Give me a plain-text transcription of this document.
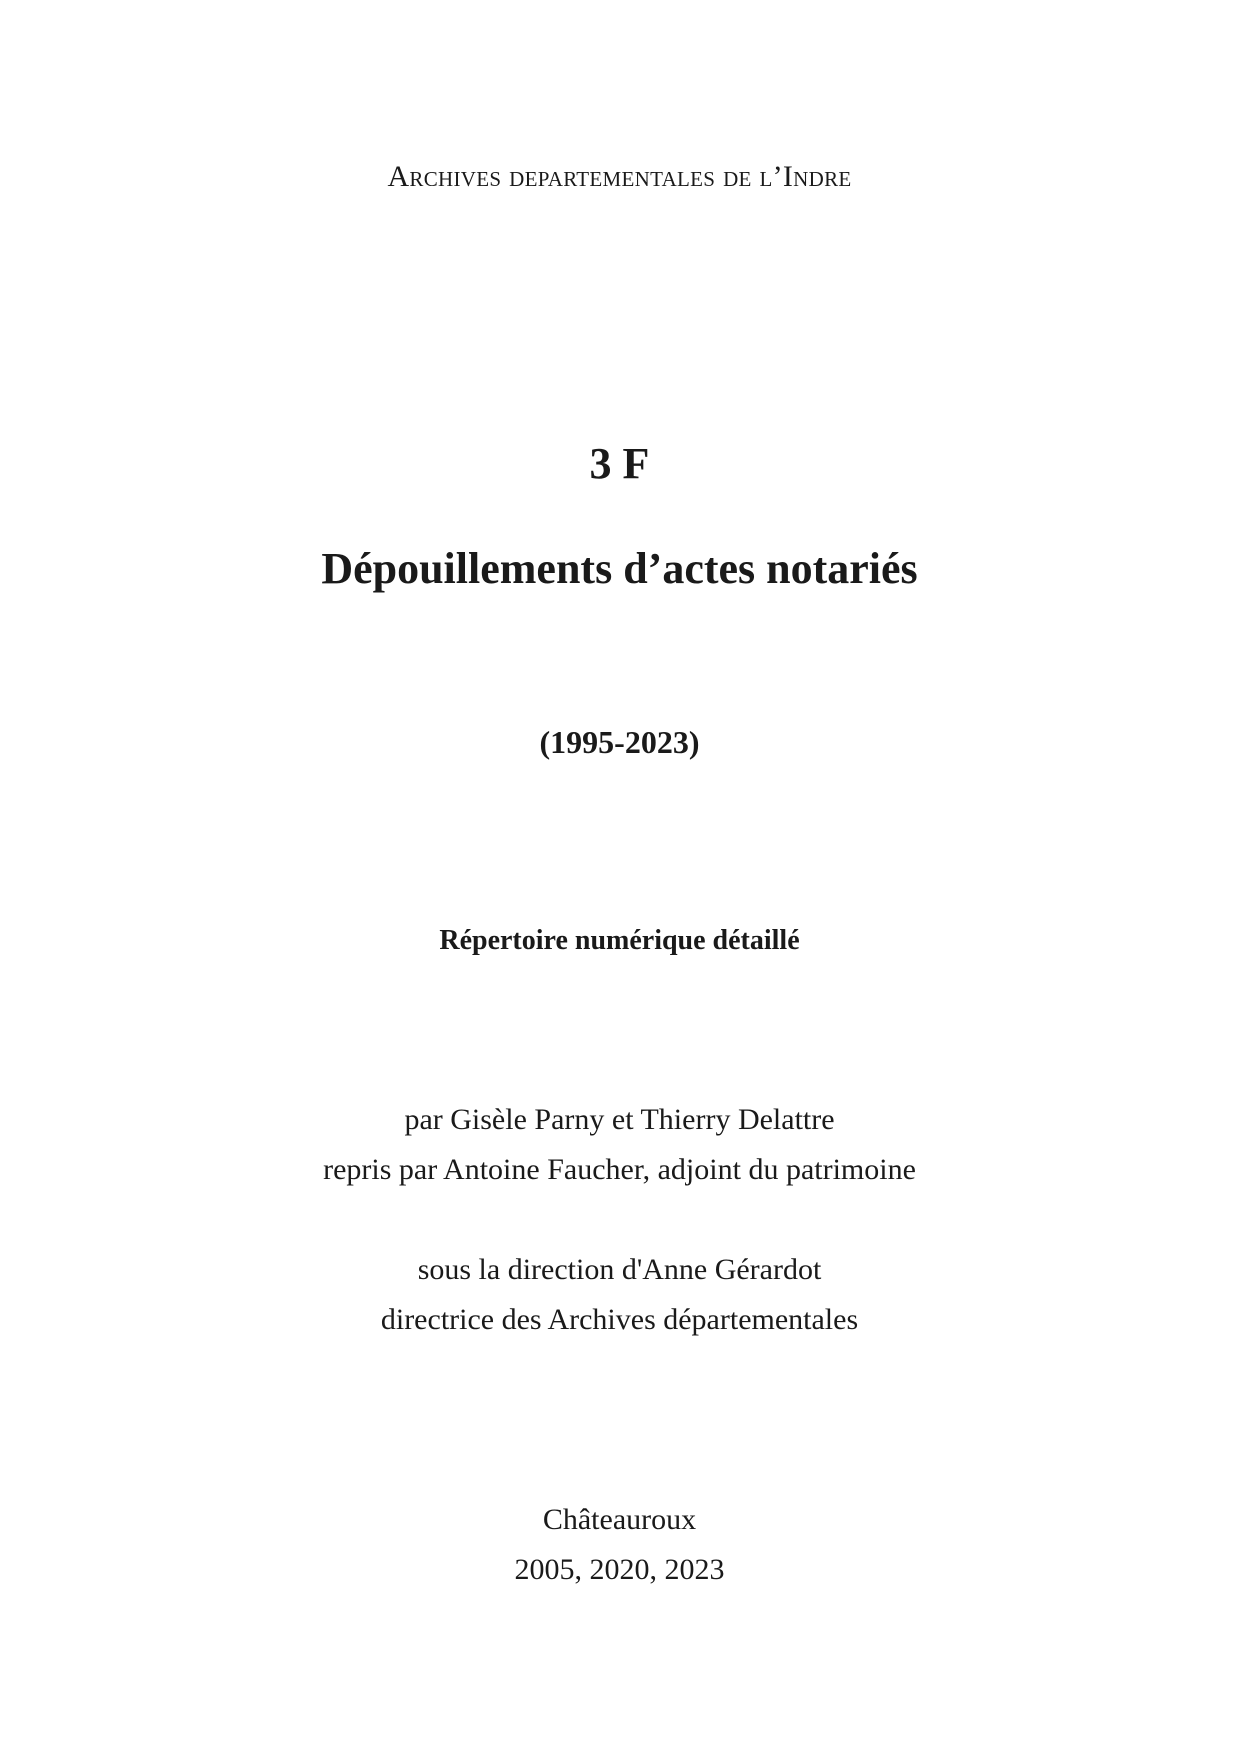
Archives departementales de l’Indre
3 F
Dépouillements d’actes notariés
(1995-2023)
Répertoire numérique détaillé
par Gisèle Parny et Thierry Delattre
repris par Antoine Faucher, adjoint du patrimoine
sous la direction d'Anne Gérardot
directrice des Archives départementales
Châteauroux
2005, 2020, 2023
